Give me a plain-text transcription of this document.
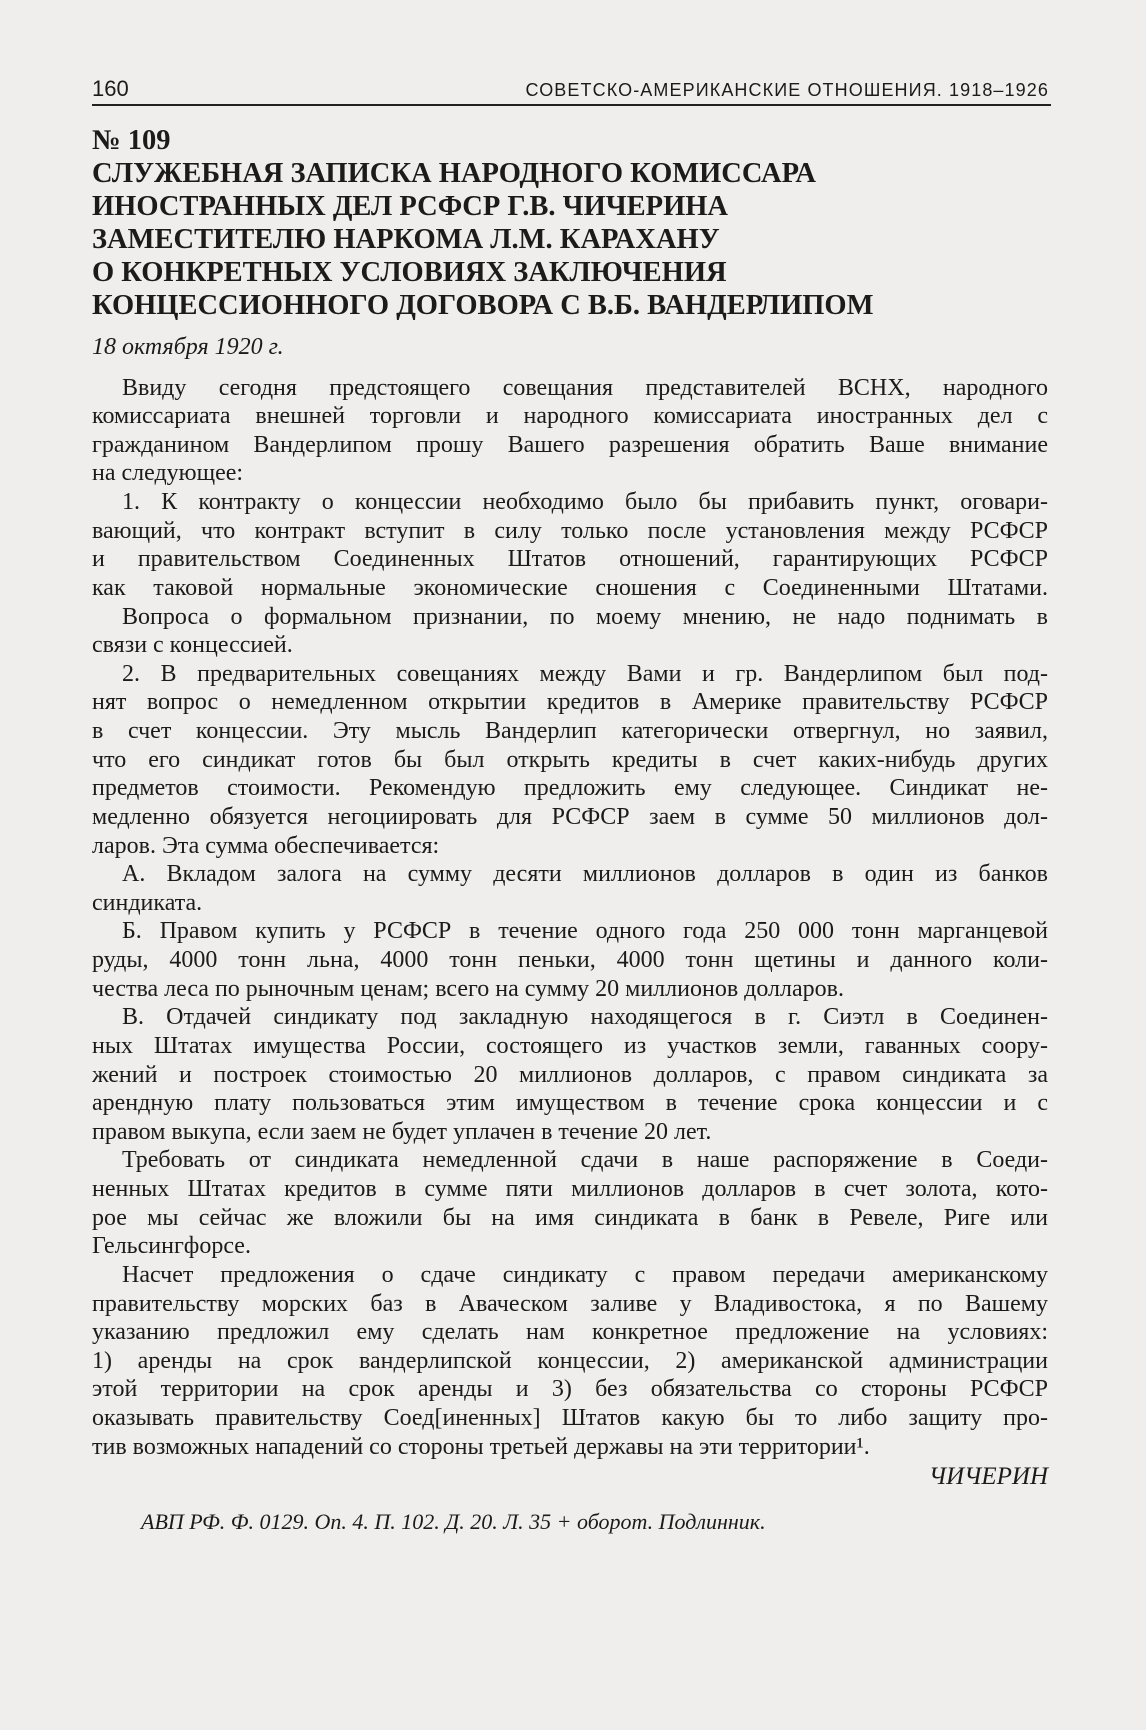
160	СОВЕТСКО-АМЕРИКАНСКИЕ ОТНОШЕНИЯ. 1918–1926
№ 109
СЛУЖЕБНАЯ ЗАПИСКА НАРОДНОГО КОМИССАРА
ИНОСТРАННЫХ ДЕЛ РСФСР Г.В. ЧИЧЕРИНА
ЗАМЕСТИТЕЛЮ НАРКОМА Л.М. КАРАХАНУ
О КОНКРЕТНЫХ УСЛОВИЯХ ЗАКЛЮЧЕНИЯ
КОНЦЕССИОННОГО ДОГОВОРА С В.Б. ВАНДЕРЛИПОМ
18 октября 1920 г.
Ввиду сегодня предстоящего совещания представителей ВСНХ, народного
комиссариата внешней торговли и народного комиссариата иностранных дел с
гражданином Вандерлипом прошу Вашего разрешения обратить Ваше внимание
на следующее:
1. К контракту о концессии необходимо было бы прибавить пункт, оговари-
вающий, что контракт вступит в силу только после установления между РСФСР
и правительством Соединенных Штатов отношений, гарантирующих РСФСР
как таковой нормальные экономические сношения с Соединенными Штатами.
Вопроса о формальном признании, по моему мнению, не надо поднимать в
связи с концессией.
2. В предварительных совещаниях между Вами и гр. Вандерлипом был под-
нят вопрос о немедленном открытии кредитов в Америке правительству РСФСР
в счет концессии. Эту мысль Вандерлип категорически отвергнул, но заявил,
что его синдикат готов бы был открыть кредиты в счет каких-нибудь других
предметов стоимости. Рекомендую предложить ему следующее. Синдикат не-
медленно обязуется негоциировать для РСФСР заем в сумме 50 миллионов дол-
ларов. Эта сумма обеспечивается:
А. Вкладом залога на сумму десяти миллионов долларов в один из банков
синдиката.
Б. Правом купить у РСФСР в течение одного года 250 000 тонн марганцевой
руды, 4000 тонн льна, 4000 тонн пеньки, 4000 тонн щетины и данного коли-
чества леса по рыночным ценам; всего на сумму 20 миллионов долларов.
В. Отдачей синдикату под закладную находящегося в г. Сиэтл в Соединен-
ных Штатах имущества России, состоящего из участков земли, гаванных соору-
жений и построек стоимостью 20 миллионов долларов, с правом синдиката за
арендную плату пользоваться этим имуществом в течение срока концессии и с
правом выкупа, если заем не будет уплачен в течение 20 лет.
Требовать от синдиката немедленной сдачи в наше распоряжение в Соеди-
ненных Штатах кредитов в сумме пяти миллионов долларов в счет золота, кото-
рое мы сейчас же вложили бы на имя синдиката в банк в Ревеле, Риге или
Гельсингфорсе.
Насчет предложения о сдаче синдикату с правом передачи американскому
правительству морских баз в Аваческом заливе у Владивостока, я по Вашему
указанию предложил ему сделать нам конкретное предложение на условиях:
1) аренды на срок вандерлипской концессии, 2) американской администрации
этой территории на срок аренды и 3) без обязательства со стороны РСФСР
оказывать правительству Соед[иненных] Штатов какую бы то либо защиту про-
тив возможных нападений со стороны третьей державы на эти территории¹.
ЧИЧЕРИН
АВП РФ. Ф. 0129. Оп. 4. П. 102. Д. 20. Л. 35 + оборот. Подлинник.
